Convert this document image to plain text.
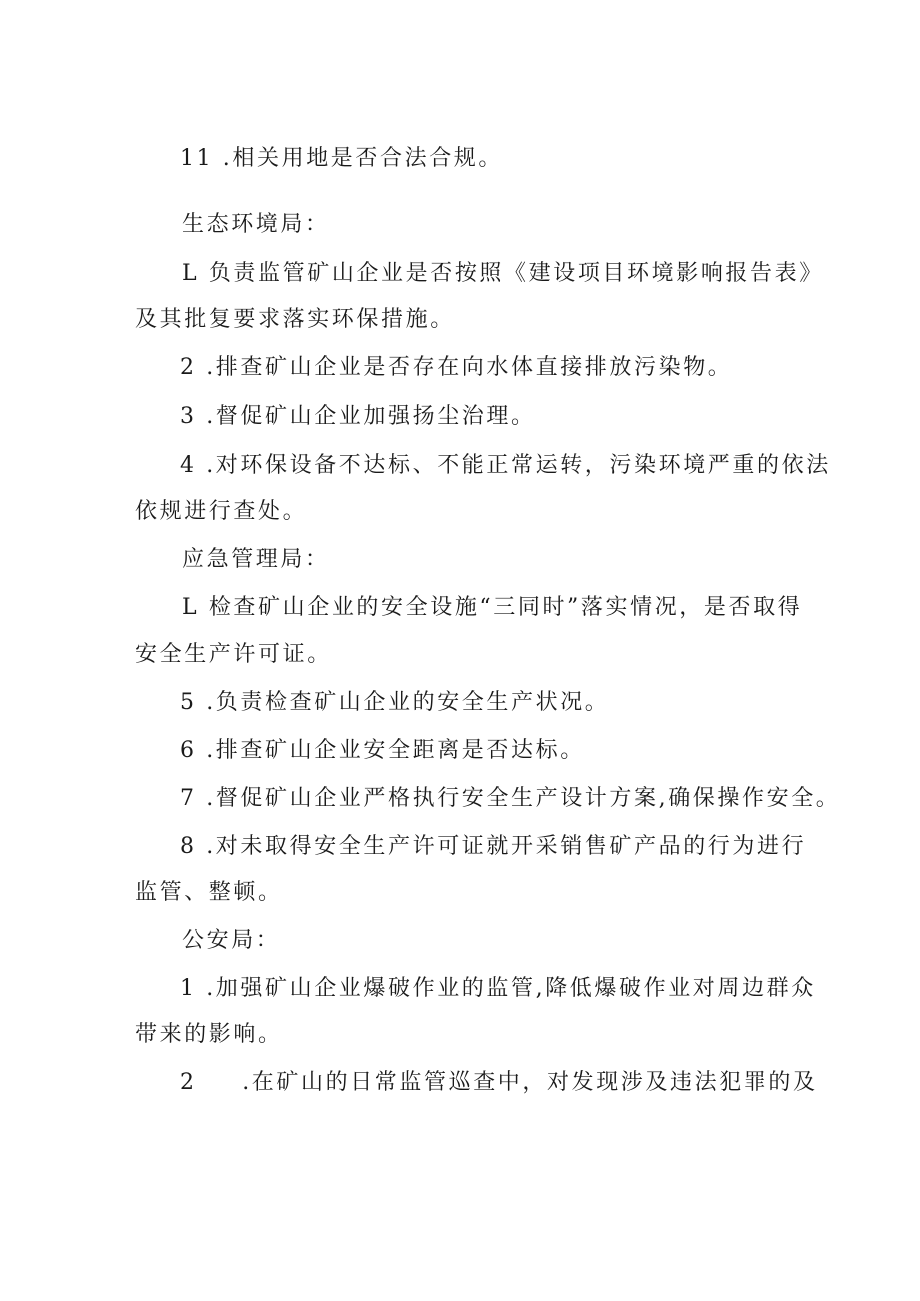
11 .相关用地是否合法合规。
生态环境局：
L 负责监管矿山企业是否按照《建设项目环境影响报告表》
及其批复要求落实环保措施。
2 .排查矿山企业是否存在向水体直接排放污染物。
3 .督促矿山企业加强扬尘治理。
4 .对环保设备不达标、不能正常运转，污染环境严重的依法
依规进行查处。
应急管理局：
L 检查矿山企业的安全设施“三同时”落实情况，是否取得
安全生产许可证。
5 .负责检查矿山企业的安全生产状况。
6 .排查矿山企业安全距离是否达标。
7 .督促矿山企业严格执行安全生产设计方案,确保操作安全。
8 .对未取得安全生产许可证就开采销售矿产品的行为进行
监管、整顿。
公安局：
1 .加强矿山企业爆破作业的监管,降低爆破作业对周边群众
带来的影响。
2 .在矿山的日常监管巡查中，对发现涉及违法犯罪的及
